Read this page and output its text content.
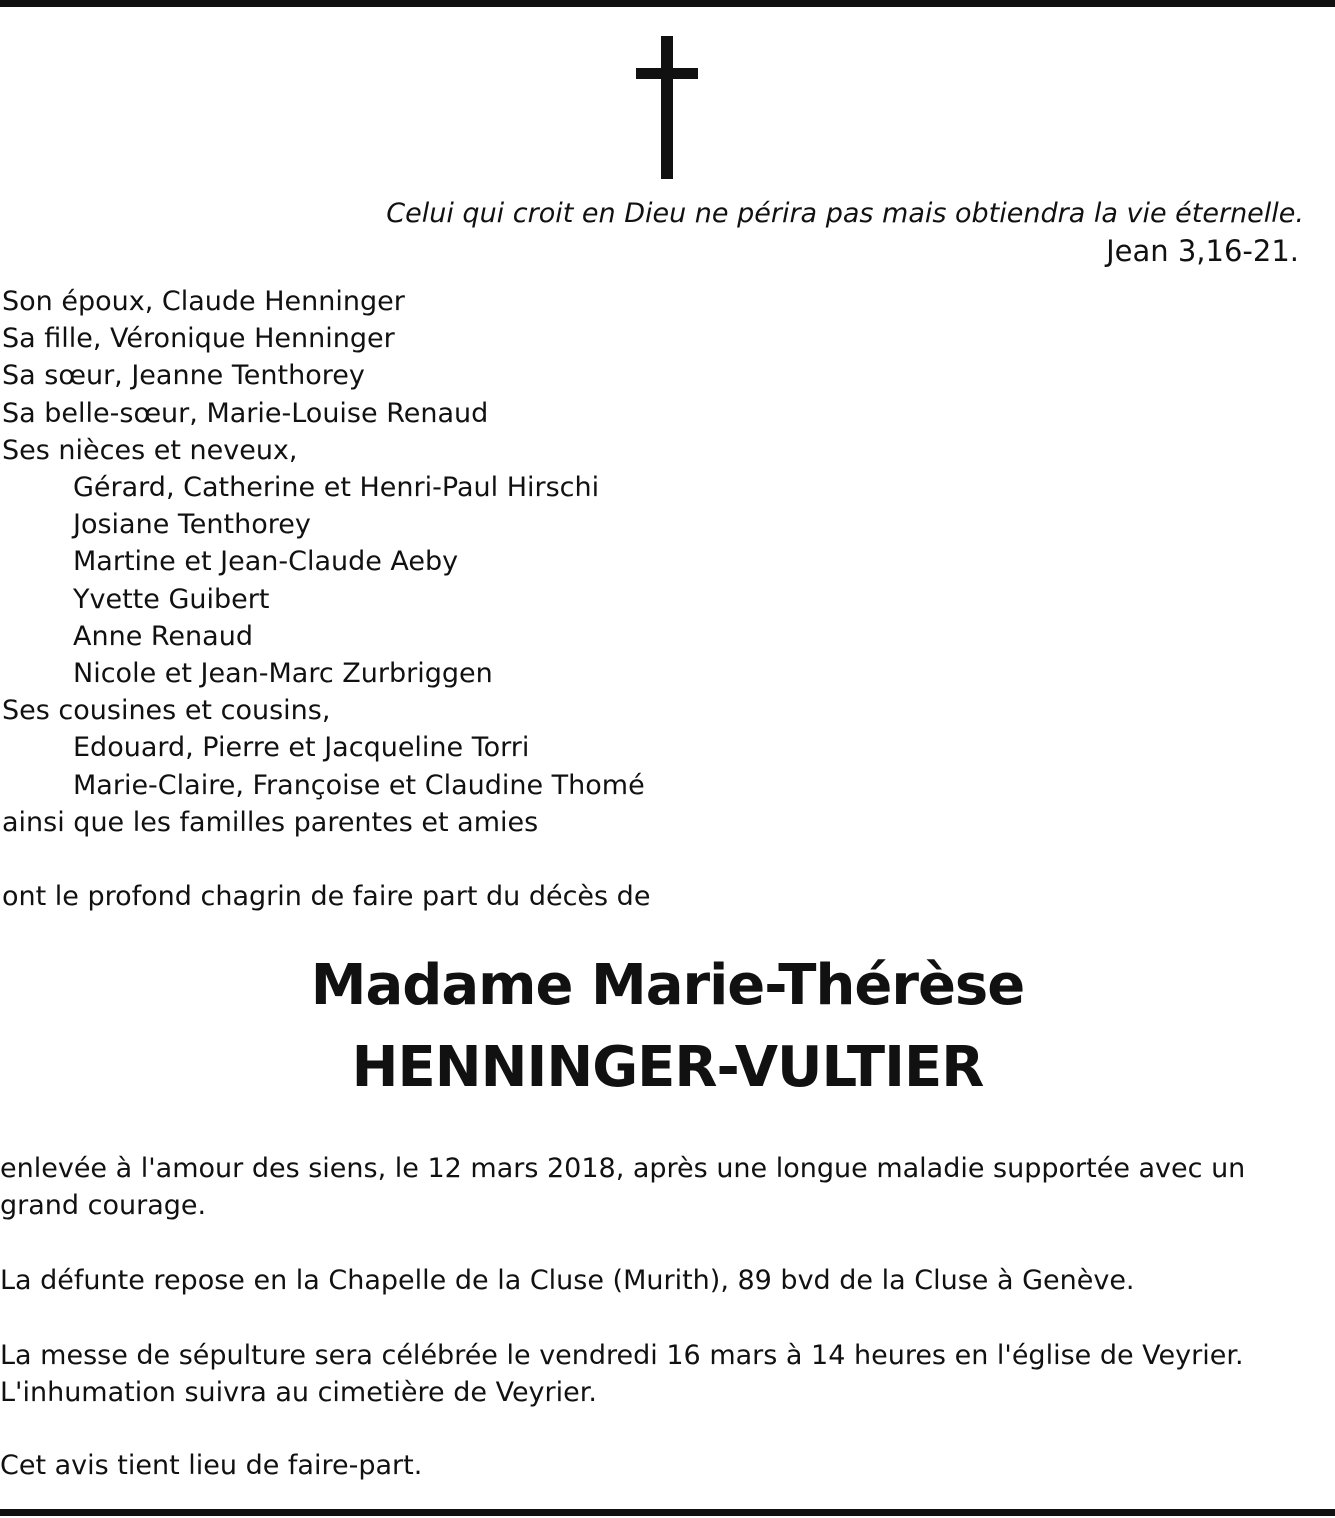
Celui qui croit en Dieu ne périra pas mais obtiendra la vie éternelle.
Jean 3,16-21.
Son époux, Claude Henninger
Sa fille, Véronique Henninger
Sa sœur, Jeanne Tenthorey
Sa belle-sœur, Marie-Louise Renaud
Ses nièces et neveux,
Gérard, Catherine et Henri-Paul Hirschi
Josiane Tenthorey
Martine et Jean-Claude Aeby
Yvette Guibert
Anne Renaud
Nicole et Jean-Marc Zurbriggen
Ses cousines et cousins,
Edouard, Pierre et Jacqueline Torri
Marie-Claire, Françoise et Claudine Thomé
ainsi que les familles parentes et amies
ont le profond chagrin de faire part du décès de
Madame Marie-Thérèse
HENNINGER-VULTIER
enlevée à l'amour des siens, le 12 mars 2018, après une longue maladie supportée avec un
grand courage.
La défunte repose en la Chapelle de la Cluse (Murith), 89 bvd de la Cluse à Genève.
La messe de sépulture sera célébrée le vendredi 16 mars à 14 heures en l'église de Veyrier.
L'inhumation suivra au cimetière de Veyrier.
Cet avis tient lieu de faire-part.
